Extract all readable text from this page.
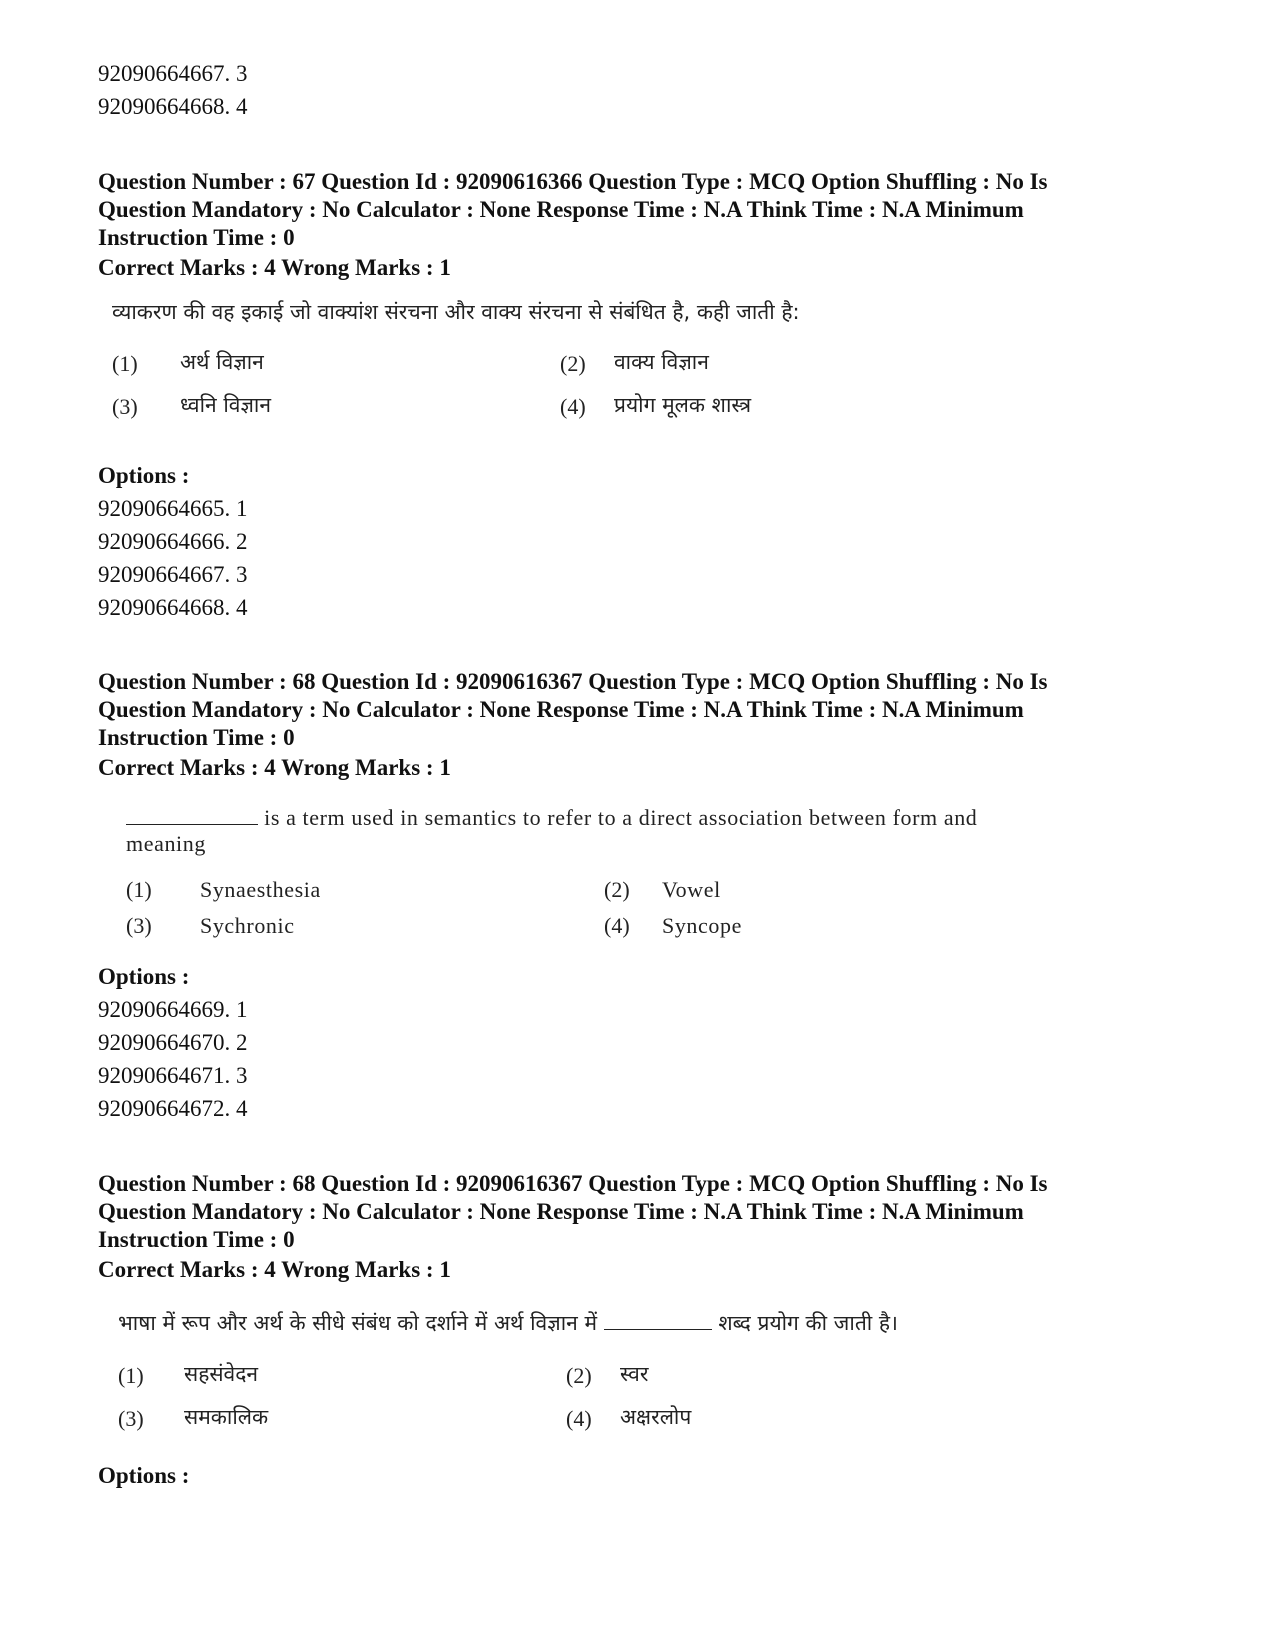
92090664667. 3
92090664668. 4
Question Number : 67 Question Id : 92090616366 Question Type : MCQ Option Shuffling : No Is
Question Mandatory : No Calculator : None Response Time : N.A Think Time : N.A Minimum
Instruction Time : 0
Correct Marks : 4 Wrong Marks : 1
व्याकरण की वह इकाई जो वाक्यांश संरचना और वाक्य संरचना से संबंधित है, कही जाती है:
(1) अर्थ विज्ञान	(2) वाक्य विज्ञान
(3) ध्वनि विज्ञान	(4) प्रयोग मूलक शास्त्र
Options :
92090664665. 1
92090664666. 2
92090664667. 3
92090664668. 4
Question Number : 68 Question Id : 92090616367 Question Type : MCQ Option Shuffling : No Is
Question Mandatory : No Calculator : None Response Time : N.A Think Time : N.A Minimum
Instruction Time : 0
Correct Marks : 4 Wrong Marks : 1
is a term used in semantics to refer to a direct association between form and
meaning
(1) Synaesthesia	(2) Vowel
(3) Sychronic	(4) Syncope
Options :
92090664669. 1
92090664670. 2
92090664671. 3
92090664672. 4
Question Number : 68 Question Id : 92090616367 Question Type : MCQ Option Shuffling : No Is
Question Mandatory : No Calculator : None Response Time : N.A Think Time : N.A Minimum
Instruction Time : 0
Correct Marks : 4 Wrong Marks : 1
भाषा में रूप और अर्थ के सीधे संबंध को दर्शाने में अर्थ विज्ञान में	शब्द प्रयोग की जाती है।
(1) सहसंवेदन	(2) स्वर
(3) समकालिक	(4) अक्षरलोप
Options :
